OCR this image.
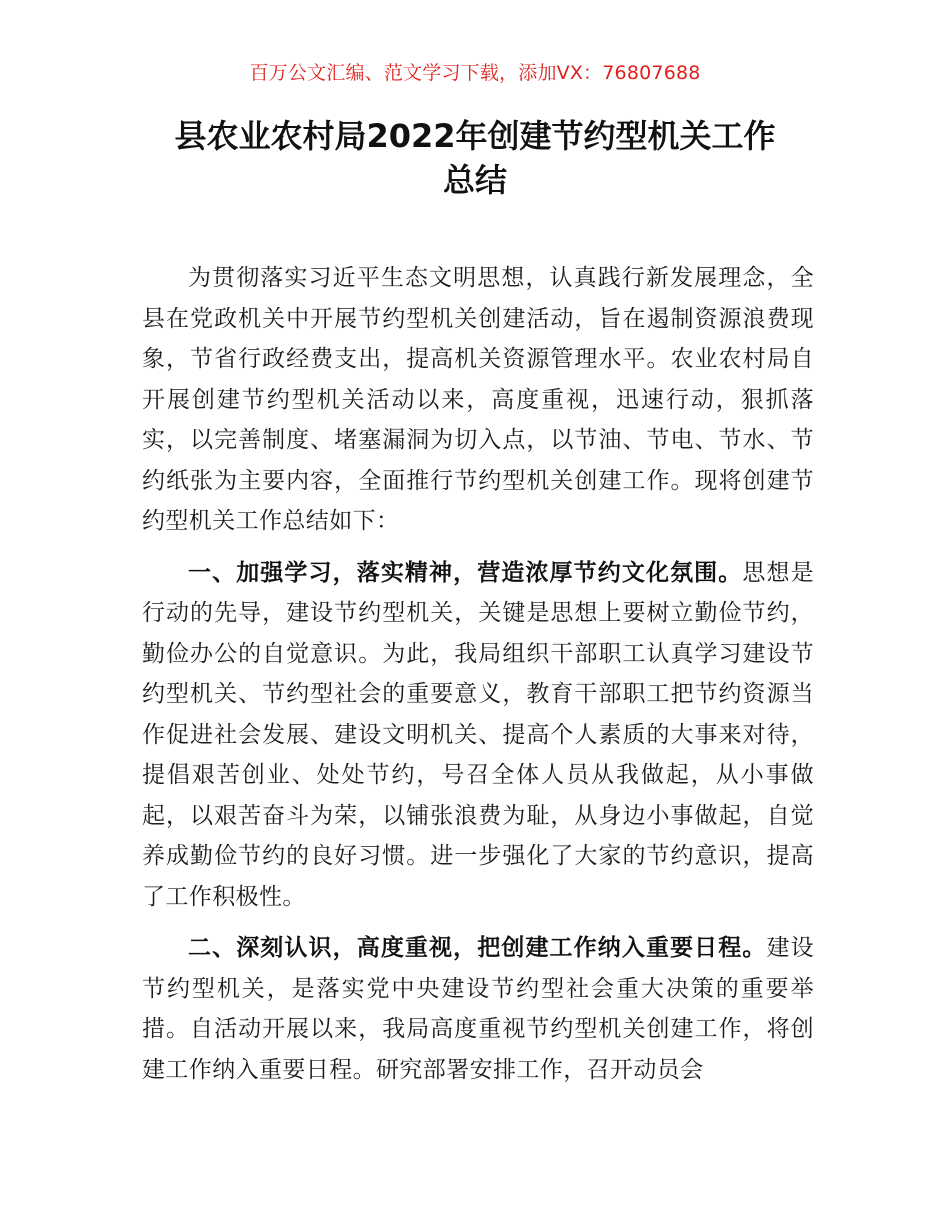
百万公文汇编、范文学习下载，添加VX：76807688
县农业农村局2022年创建节约型机关工作
总结

为贯彻落实习近平生态文明思想，认真践行新发展理念，全县在党政机关中开展节约型机关创建活动，旨在遏制资源浪费现象，节省行政经费支出，提高机关资源管理水平。农业农村局自开展创建节约型机关活动以来，高度重视，迅速行动，狠抓落实，以完善制度、堵塞漏洞为切入点，以节油、节电、节水、节约纸张为主要内容，全面推行节约型机关创建工作。现将创建节约型机关工作总结如下：

一、加强学习，落实精神，营造浓厚节约文化氛围。思想是行动的先导，建设节约型机关，关键是思想上要树立勤俭节约，勤俭办公的自觉意识。为此，我局组织干部职工认真学习建设节约型机关、节约型社会的重要意义，教育干部职工把节约资源当作促进社会发展、建设文明机关、提高个人素质的大事来对待，提倡艰苦创业、处处节约，号召全体人员从我做起，从小事做起，以艰苦奋斗为荣，以铺张浪费为耻，从身边小事做起，自觉养成勤俭节约的良好习惯。进一步强化了大家的节约意识，提高了工作积极性。

二、深刻认识，高度重视，把创建工作纳入重要日程。建设节约型机关，是落实党中央建设节约型社会重大决策的重要举措。自活动开展以来，我局高度重视节约型机关创建工作，将创建工作纳入重要日程。研究部署安排工作，召开动员会
